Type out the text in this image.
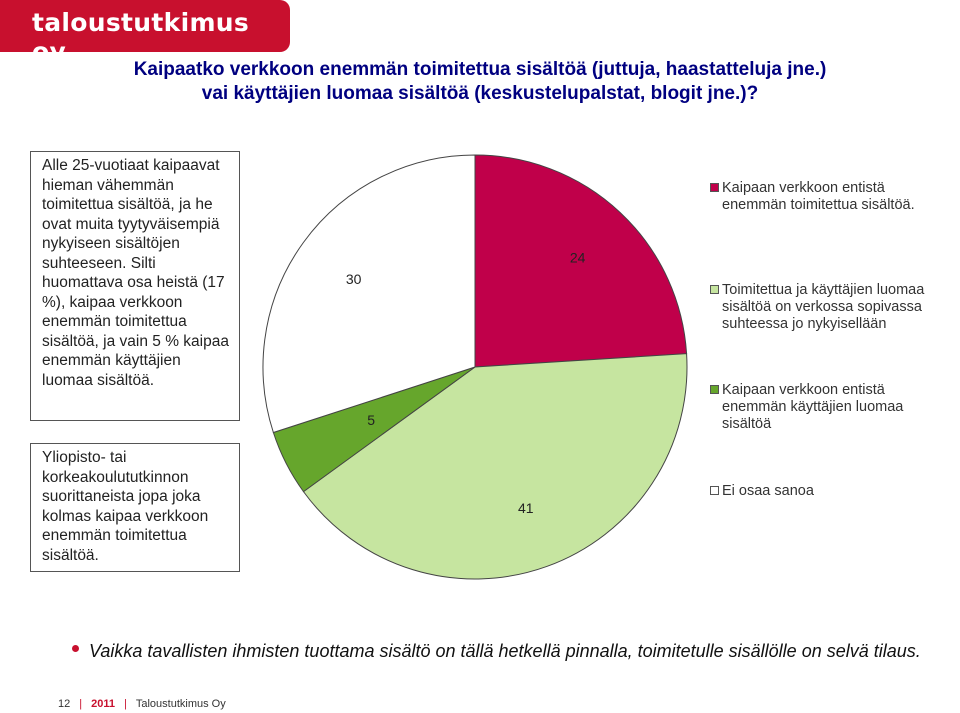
taloustutkimus oy
Kaipaatko verkkoon enemmän toimitettua sisältöä (juttuja, haastatteluja jne.)
vai käyttäjien luomaa sisältöä (keskustelupalstat, blogit jne.)?
Alle 25-vuotiaat kaipaavat hieman vähemmän toimitettua sisältöä, ja he ovat muita tyytyväisempiä nykyiseen sisältöjen suhteeseen. Silti huomattava osa heistä (17 %), kaipaa verkkoon enemmän toimitettua sisältöä, ja vain 5 % kaipaa enemmän käyttäjien luomaa sisältöä.
Yliopisto- tai korkeakoulututkinnon suorittaneista jopa joka kolmas kaipaa verkkoon enemmän toimitettua sisältöä.
24
41
5
30
Kaipaan verkkoon entistä enemmän toimitettua sisältöä.
Toimitettua ja käyttäjien luomaa sisältöä on verkossa sopivassa suhteessa jo nykyisellään
Kaipaan verkkoon entistä enemmän käyttäjien luomaa sisältöä
Ei osaa sanoa
Vaikka tavallisten ihmisten tuottama sisältö on tällä hetkellä pinnalla, toimitetulle sisällölle on selvä tilaus.
12 | 2011 | Taloustutkimus Oy
